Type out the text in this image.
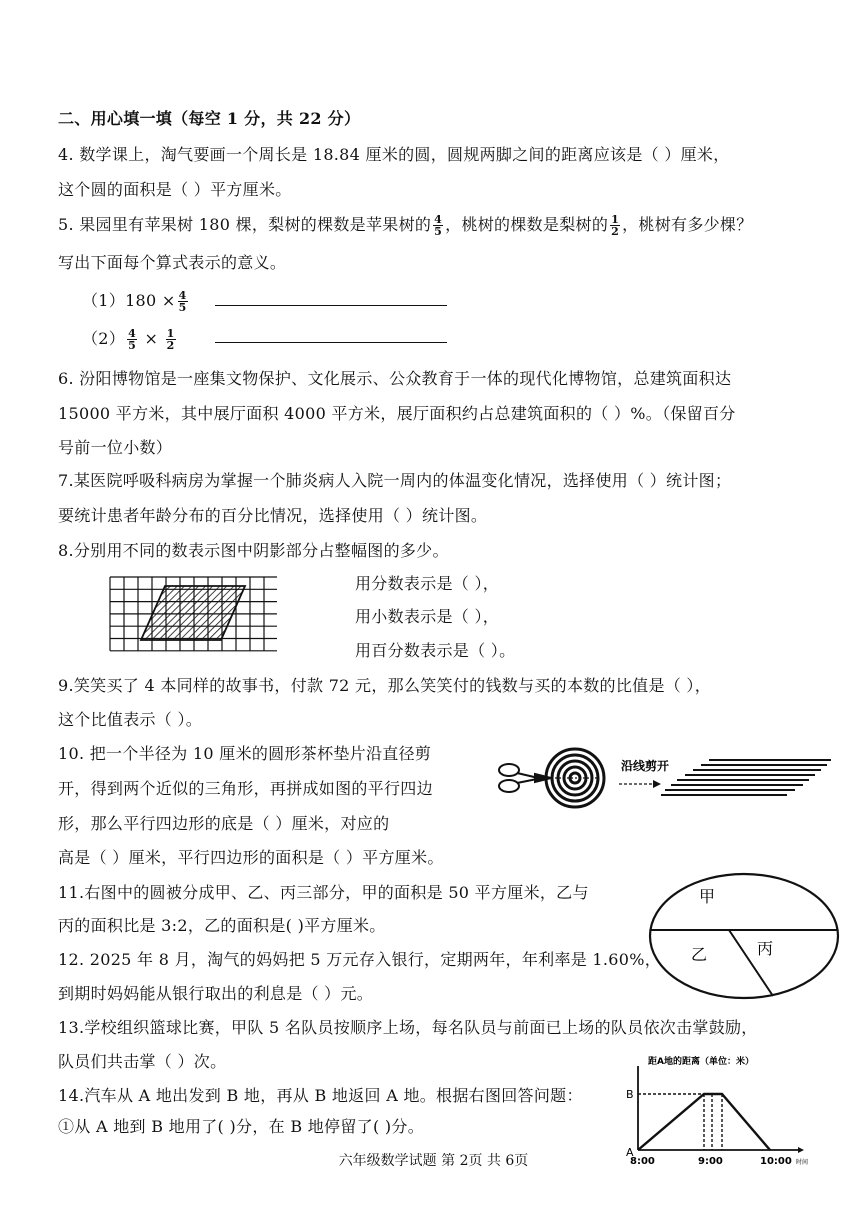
二、用心填一填（每空 1 分，共 22 分）
4. 数学课上，淘气要画一个周长是 18.84 厘米的圆，圆规两脚之间的距离应该是（ ）厘米，
这个圆的面积是（ ）平方厘米。
5. 果园里有苹果树 180 棵，梨树的棵数是苹果树的 $\frac{4}{5}$ ，桃树的棵数是梨树的 $\frac{1}{2}$ ，桃树有多少棵？
写出下面每个算式表示的意义。
$(1)180 \times \frac{4}{5}$
$(2) \frac{4}{5} \times \frac{1}{2}$
6. 汾阳博物馆是一座集文物保护、文化展示、公众教育于一体的现代化博物馆，总建筑面积达
15000 平方米，其中展厅面积 4000 平方米，展厅面积约占总建筑面积的（ ）%。（保留百分
号前一位小数）
7.某医院呼吸科病房为掌握一个肺炎病人入院一周内的体温变化情况，选择使用（ ）统计图；
要统计患者年龄分布的百分比情况，选择使用（ ）统计图。
8.分别用不同的数表示图中阴影部分占整幅图的多少。
用分数表示是（ ），
用小数表示是（ ），
用百分数表示是（ ）。
9.笑笑买了 4 本同样的故事书，付款 72 元，那么笑笑付的钱数与买的本数的比值是（ ），
这个比值表示（ ）。
10. 把一个半径为 10 厘米的圆形茶杯垫片沿直径剪
开，得到两个近似的三角形，再拼成如图的平行四边
形，那么平行四边形的底是（ ）厘米，对应的
高是（ ）厘米，平行四边形的面积是（ ）平方厘米。
沿线剪开
11.右图中的圆被分成甲、乙、丙三部分，甲的面积是 50 平方厘米，乙与
丙的面积比是 3:2，乙的面积是( )平方厘米。
甲
乙	丙
12. 2025 年 8 月，淘气的妈妈把 5 万元存入银行，定期两年，年利率是 1.60%，
到期时妈妈能从银行取出的利息是（ ）元。
13.学校组织篮球比赛，甲队 5 名队员按顺序上场，每名队员与前面已上场的队员依次击掌鼓励，
队员们共击掌（ ）次。
14.汽车从 A 地出发到 B 地，再从 B 地返回 A 地。根据右图回答问题：
①从 A 地到 B 地用了( )分，在 B 地停留了( )分。
距A地的距离（单位：米）
B
A
8:00	9:00	10:00 时间
六年级数学试题 第 2页 共 6页
